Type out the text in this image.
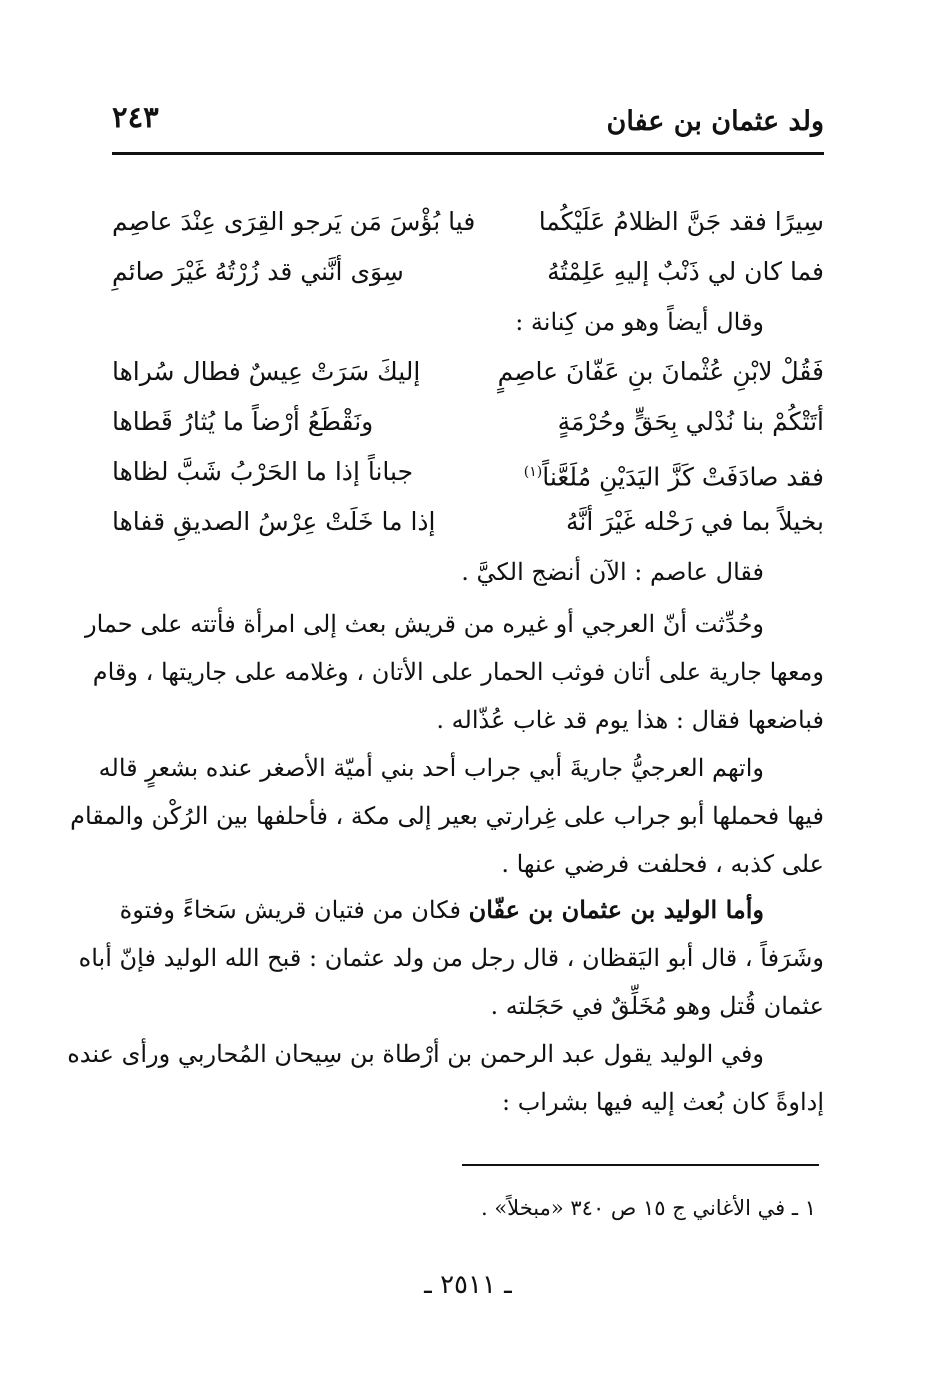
ولد عثمان بن عفان
٢٤٣
سِيرًا فقد جَنَّ الظلامُ عَلَيْكُما
فيا بُؤْسَ مَن يَرجو القِرَى عِنْدَ عاصِم
فما كان لي ذَنْبٌ إليهِ عَلِمْتُهُ
سِوَى أنَّني قد زُرْتُهُ غَيْرَ صائمِ
وقال أيضاً وهو من كِنانة :
فَقُلْ لابْنِ عُثْمانَ بنِ عَفّانَ عاصِمٍ
إليكَ سَرَتْ عِيسٌ فطال سُراها
أتَتْكُمْ بنا نُدْلي بِحَقٍّ وحُرْمَةٍ
ونَقْطَعُ أرْضاً ما يُثارُ قَطاها
فقد صادَفَتْ كَزَّ اليَدَيْنِ مُلَعَّناً$^{(١)}$
جباناً إذا ما الحَرْبُ شَبَّ لظاها
بخيلاً بما في رَحْله غَيْرَ أنَّهُ
إذا ما خَلَتْ عِرْسُ الصديقِ قفاها
فقال عاصم : الآن أنضج الكيَّ .
وحُدِّثت أنّ العرجي أو غيره من قريش بعث إلى امرأة فأتته على حمار
ومعها جارية على أتان فوثب الحمار على الأتان ، وغلامه على جاريتها ، وقام
فباضعها فقال : هذا يوم قد غاب عُذّاله .
واتهم العرجيُّ جاريةَ أبي جراب أحد بني أميّة الأصغر عنده بشعرٍ قاله
فيها فحملها أبو جراب على غِرارتي بعير إلى مكة ، فأحلفها بين الرُكْن والمقام
على كذبه ، فحلفت فرضي عنها .
وأما الوليد بن عثمان بن عفّان فكان من فتيان قريش سَخاءً وفتوة
وشَرَفاً ، قال أبو اليَقظان ، قال رجل من ولد عثمان : قبح الله الوليد فإنّ أباه
عثمان قُتل وهو مُخَلِّقٌ في حَجَلته .
وفي الوليد يقول عبد الرحمن بن أرْطاة بن سِيحان المُحاربي ورأى عنده
إداوةً كان بُعث إليه فيها بشراب :
١ ـ في الأغاني ج ١٥ ص ٣٤٠ «مبخلاً» .
ـ ٢٥١١ ـ
